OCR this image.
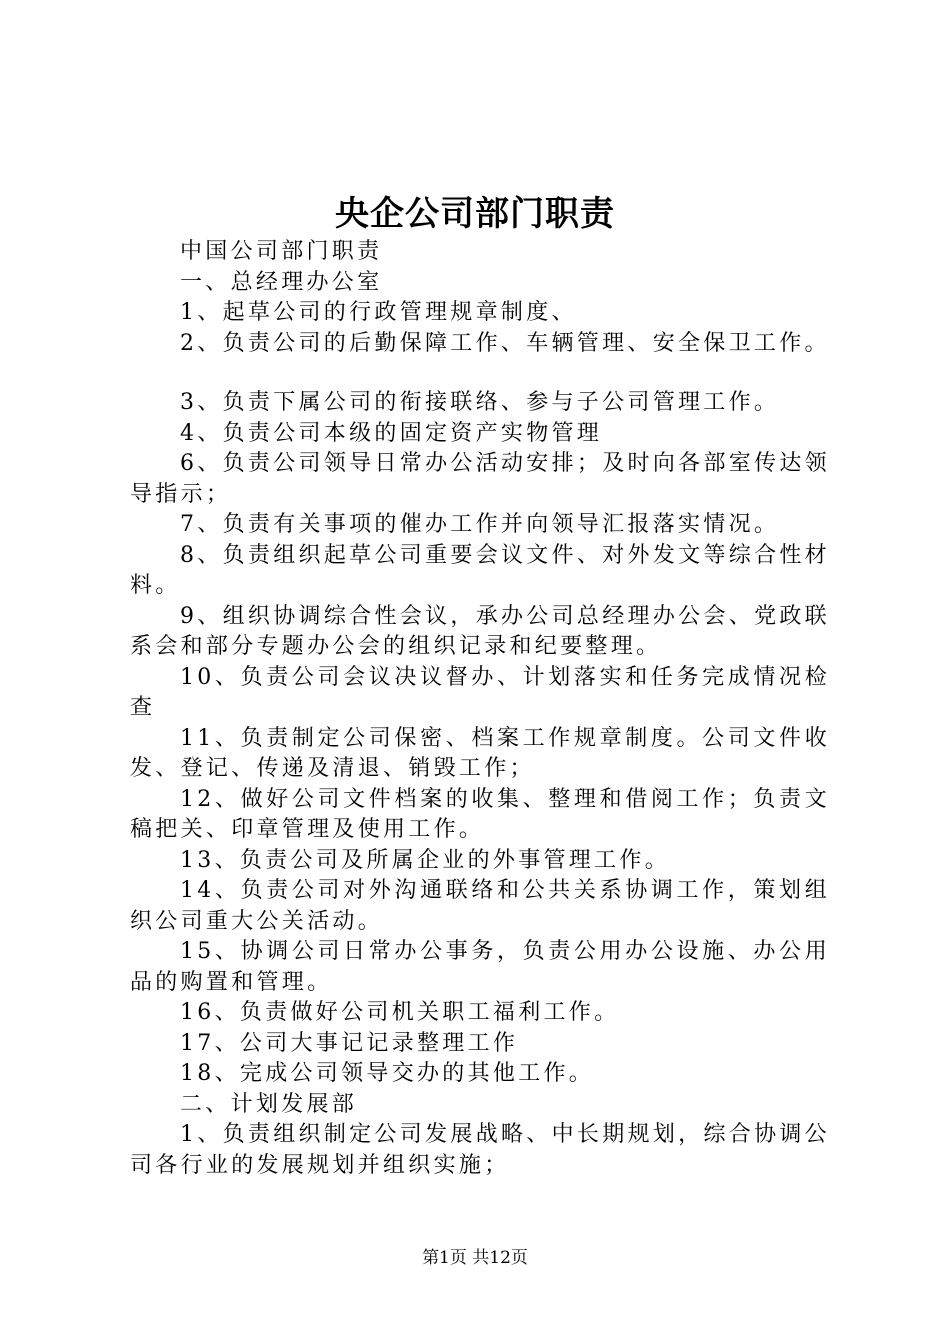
央企公司部门职责

中国公司部门职责

一、总经理办公室

1、起草公司的行政管理规章制度、

2、负责公司的后勤保障工作、车辆管理、安全保卫工作。

3、负责下属公司的衔接联络、参与子公司管理工作。

4、负责公司本级的固定资产实物管理

6、负责公司领导日常办公活动安排；及时向各部室传达领导指示；

7、负责有关事项的催办工作并向领导汇报落实情况。

8、负责组织起草公司重要会议文件、对外发文等综合性材料。

9、组织协调综合性会议，承办公司总经理办公会、党政联系会和部分专题办公会的组织记录和纪要整理。

10、负责公司会议决议督办、计划落实和任务完成情况检查

11、负责制定公司保密、档案工作规章制度。公司文件收发、登记、传递及清退、销毁工作；

12、做好公司文件档案的收集、整理和借阅工作；负责文稿把关、印章管理及使用工作。

13、负责公司及所属企业的外事管理工作。

14、负责公司对外沟通联络和公共关系协调工作，策划组织公司重大公关活动。

15、协调公司日常办公事务，负责公用办公设施、办公用品的购置和管理。

16、负责做好公司机关职工福利工作。

17、公司大事记记录整理工作

18、完成公司领导交办的其他工作。

二、计划发展部

1、负责组织制定公司发展战略、中长期规划，综合协调公司各行业的发展规划并组织实施；

第1页 共12页
